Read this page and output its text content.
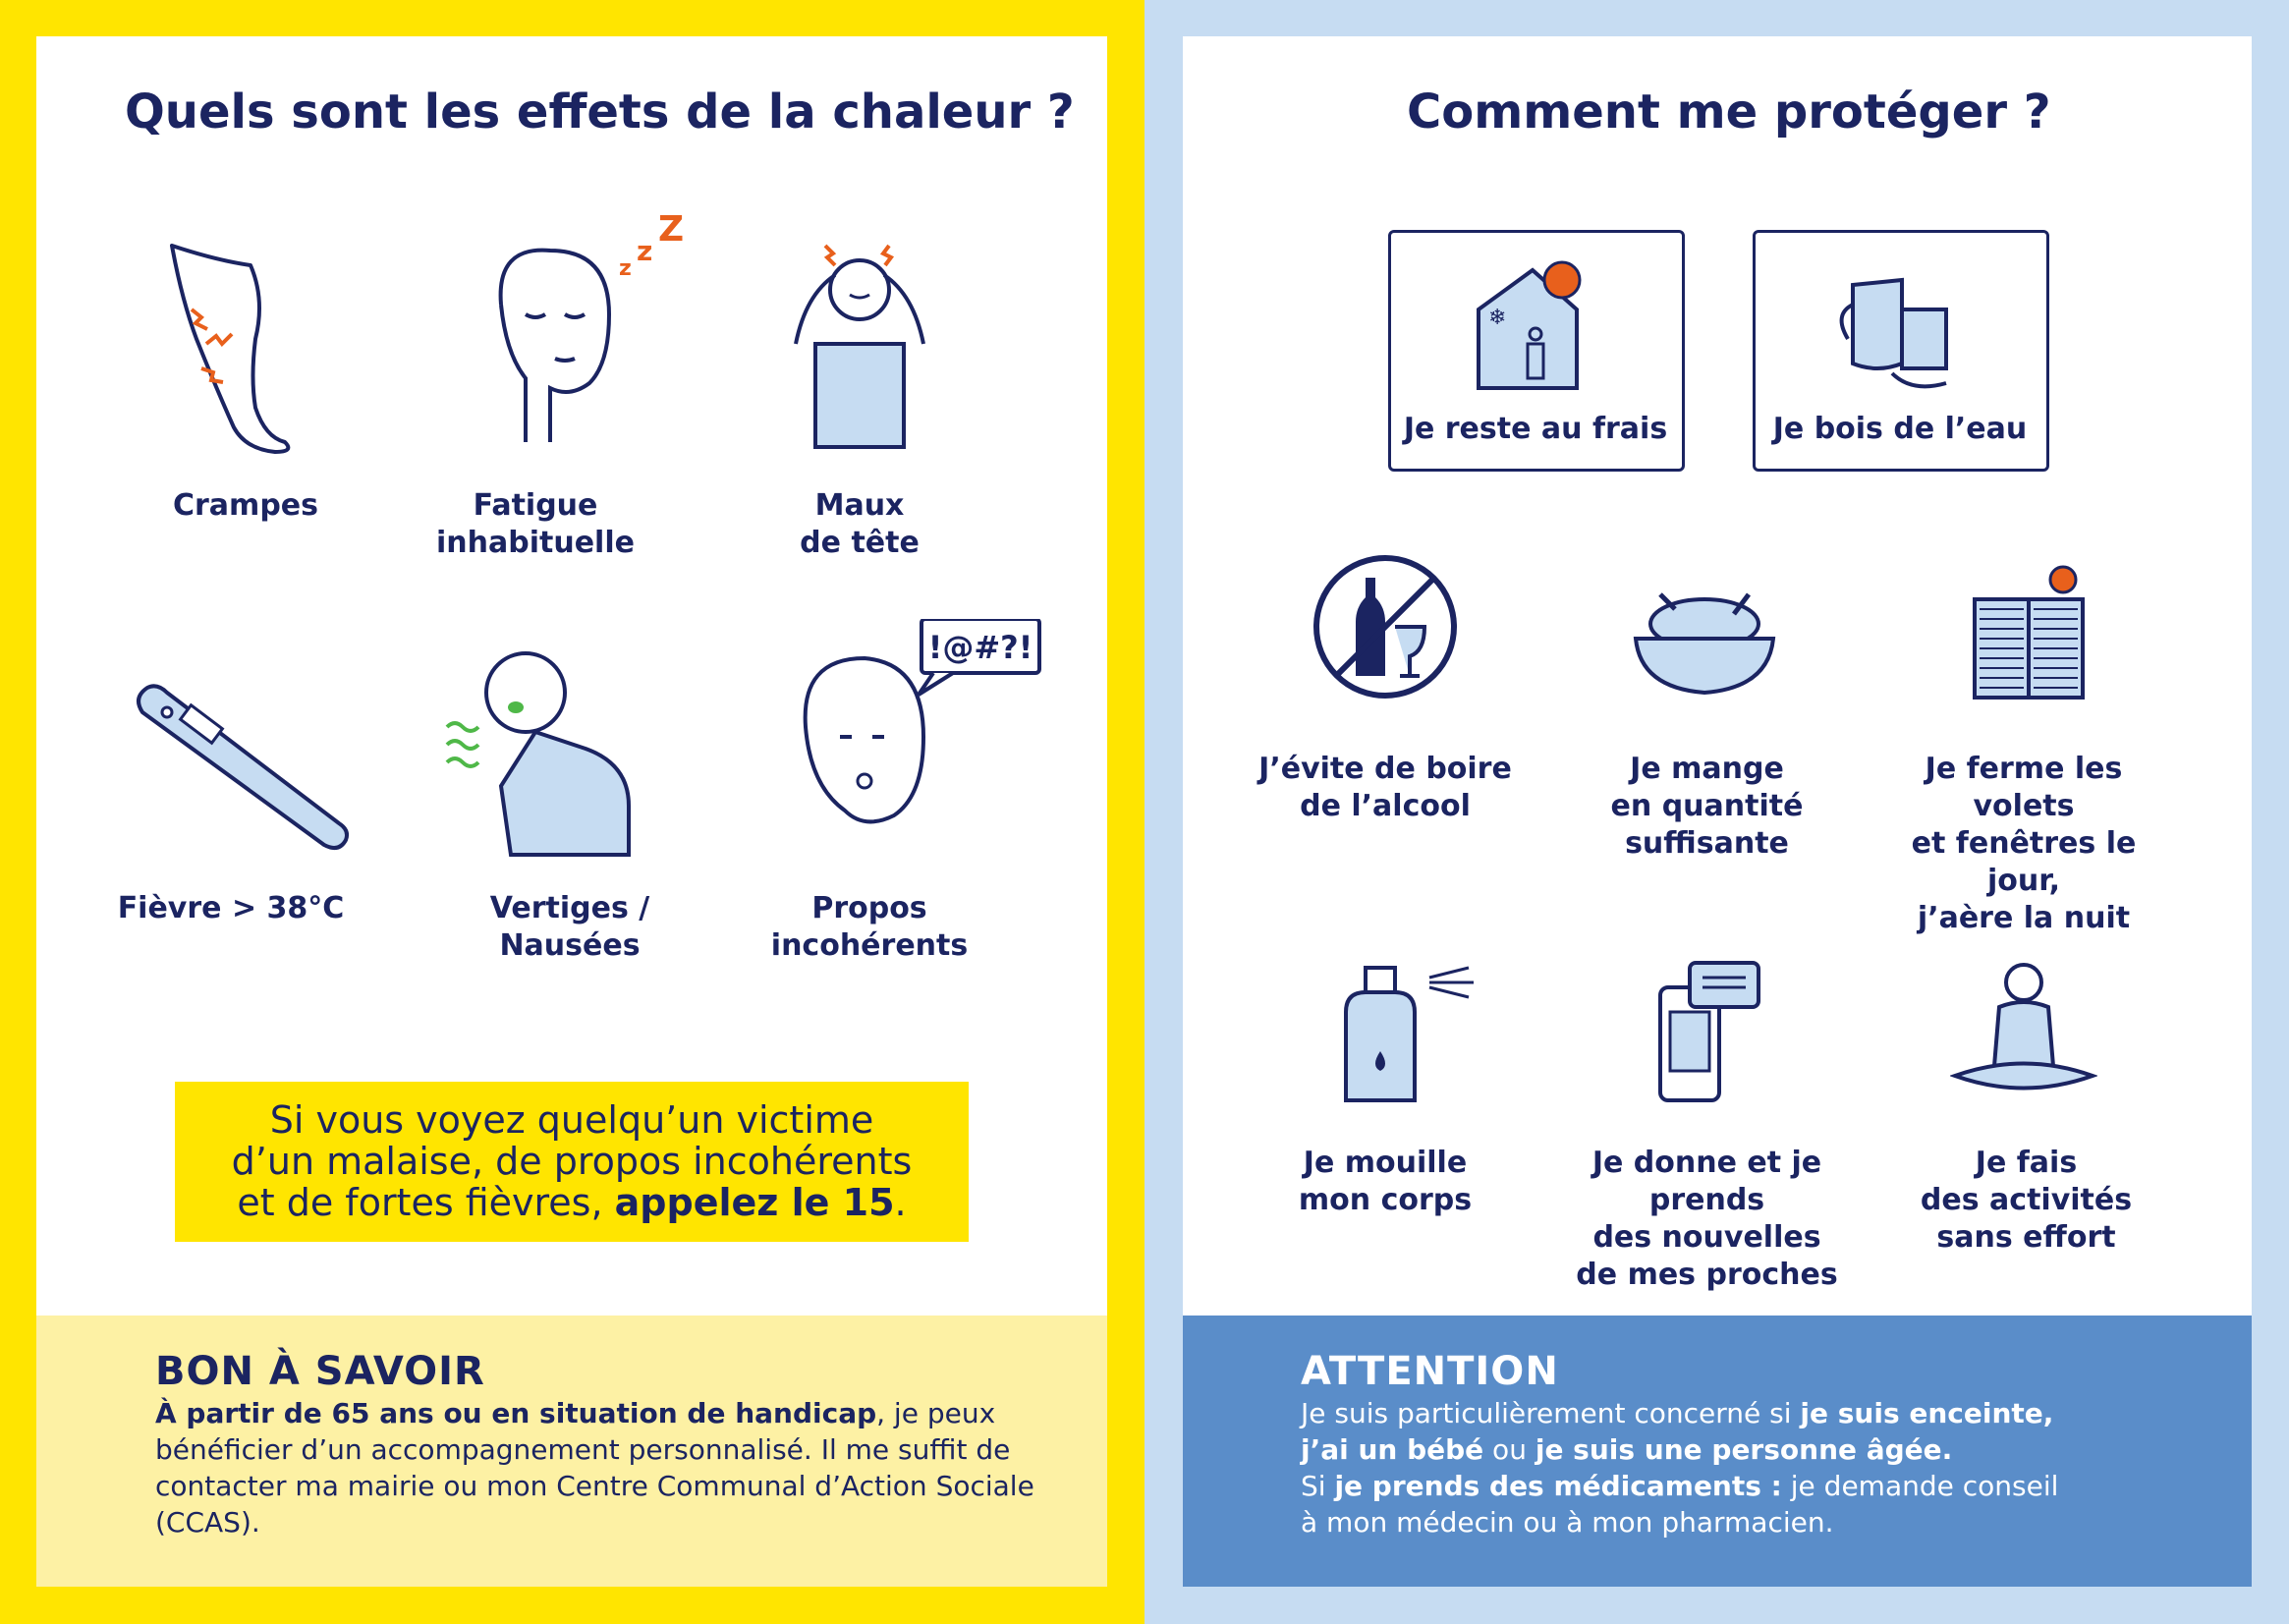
Quels sont les effets de la chaleur ?	Comment me protéger ?
Crampes
z
z
Z
Fatigue
inhabituelle
Maux
de tête
Fièvre > 38°C	Vertiges /
Nausées
!@#?!
Propos
incohérents
Si vous voyez quelqu’un victime
d’un malaise, de propos incohérents
et de fortes fièvres, appelez le 15.
BON À SAVOIR
À partir de 65 ans ou en situation de handicap, je peux bénéficier d’un accompagnement personnalisé. Il me suffit de contacter ma mairie ou mon Centre Communal d’Action Sociale (CCAS).
❄
Je reste au frais	Je bois de l’eau
J’évite de boire
de l’alcool
Je mange
en quantité
suffisante
Je ferme les volets
et fenêtres le jour,
j’aère la nuit
Je mouille
mon corps
Je donne et je prends
des nouvelles
de mes proches
Je fais
des activités
sans effort
ATTENTION
Je suis particulièrement concerné si je suis enceinte,
j’ai un bébé ou je suis une personne âgée.
Si je prends des médicaments : je demande conseil
à mon médecin ou à mon pharmacien.
